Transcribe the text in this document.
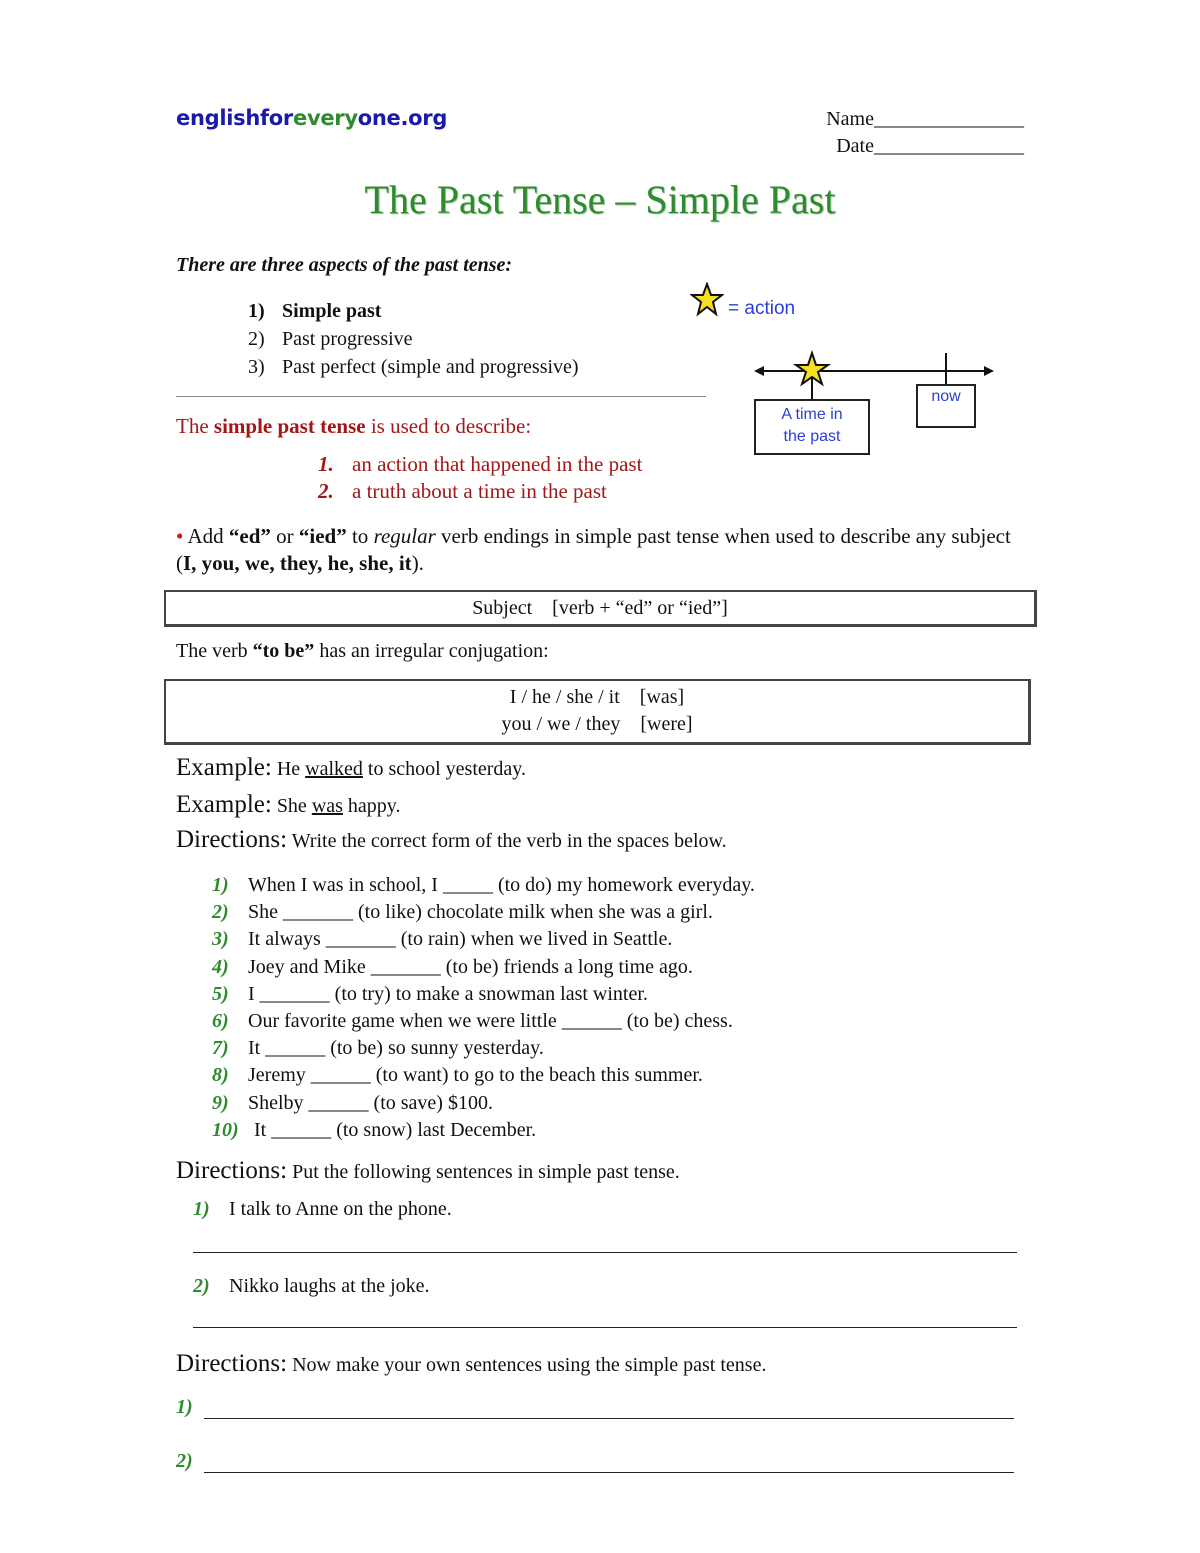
englishforeveryone.org	Name_______________
Date_______________
The Past Tense – Simple Past
There are three aspects of the past tense:
1) Simple past
2) Past progressive
3) Past perfect (simple and progressive)
= action
A time in the past
now
The simple past tense is used to describe:
1. an action that happened in the past
2. a truth about a time in the past
• Add “ed” or “ied” to regular verb endings in simple past tense when used to describe any subject (I, you, we, they, he, she, it).
Subject    [verb + “ed” or “ied”]
The verb “to be” has an irregular conjugation:
I / he / she / it    [was]
you / we / they    [were]
Example: He walked to school yesterday.
Example: She was happy.
Directions: Write the correct form of the verb in the spaces below.
1) When I was in school, I _____ (to do) my homework everyday.
2) She _______ (to like) chocolate milk when she was a girl.
3) It always _______ (to rain) when we lived in Seattle.
4) Joey and Mike _______ (to be) friends a long time ago.
5) I _______ (to try) to make a snowman last winter.
6) Our favorite game when we were little ______ (to be) chess.
7) It ______ (to be) so sunny yesterday.
8) Jeremy ______ (to want) to go to the beach this summer.
9) Shelby ______ (to save) $100.
10) It ______ (to snow) last December.
Directions: Put the following sentences in simple past tense.
1) I talk to Anne on the phone.
2) Nikko laughs at the joke.
Directions: Now make your own sentences using the simple past tense.
1)
2)
